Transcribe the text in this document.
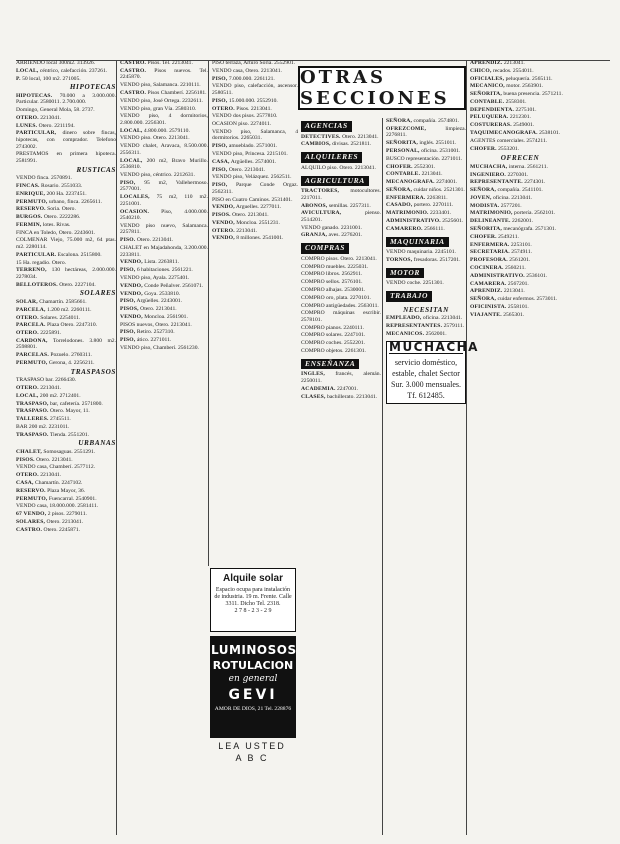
ARRIENDO local 300m2. 313926.

LOCAL, céntrico, calefacción. 237261.

P. 50 local, 100 m2. 271005.

HIPOTECAS

HIPOTECAS. 70.000 a 3.000.000. Particular. 2580011. 2.700.000.

Domingo, General Mola, 58. 2737.

OTERO. 2213041.

LUNES. Otero. 2211194.

PARTICULAR, dinero sobre fincas, hipotecas, con comprador. Telefono 2743002.

PRESTAMOS en primera hipoteca. 2581991.

RUSTICAS

VENDO finca. 2570891.

FINCAS. Rosario. 2551033.

ENRIQUE, 200 Ha. 2237451.

PERMUTO, urbano, finca. 2265611.

RESERVO. Soria. Otero.

BURGOS. Otero. 2222286.

FERMIN, lotes. Rivas.

FINCA en Toledo, Otero. 2243601.

COLMENAR Viejo, 75.000 m2, 64 ptas. m2. 2280114.

PARTICULAR. Escalona. 2515800.

15 Ha. regadio. Otero.

TERRENO, 130 hectáreas, 2.000.000. 2278034.

BELLOTEROS. Otero. 2227104.

SOLARES

SOLAR, Chamartín. 2585661.

PARCELA, 1.200 m2. 2260111.

OTERO. Solares. 2254011.

PARCELA. Plaza Otero. 2247310.

OTERO. 2225891.

CARDONA, Torrelodones. 3.800 m2. 2598801.

PARCELAS. Pozuelo. 2760311.

PERMUTO, Gerona, 4. 2256211.

TRASPASOS

TRASPASO bar. 2266430.

OTERO. 2213041.

LOCAL, 200 m2. 2712401.

TRASPASO, bar, cafetería. 2571800.

TRASPASO. Otero. Mayor, 11.

TALLERES. 2745511.

BAR 200 m2. 2231011.

TRASPASO. Tienda. 2551201.

URBANAS

CHALET, Somosaguas. 2551291.

PISOS. Otero. 2213041.

VENDO casa, Chamberí. 2577112.

OTERO. 2213041.

CASA, Chamartín. 2247102.

RESERVO. Plaza Mayor, 36.

PERMUTO, Fuencarral. 2540901.

VENDO casa, 18.000.000. 2581411.

67 VENDO, 2 pisos. 2279011.

SOLARES, Otero. 2213041.

CASTRO. Otero. 2245871.

CASTRO. Pisos. Tel. 2213041.

CASTRO. Pisos nuevos. Tel. 2245870.

VENDO piso, Salamanca. 2210111.

CASTRO. Pisos Chamberí. 2256181.

VENDO piso, José Ortega. 2232611.

VENDO piso, gran Vía. 2580310.

VENDO piso, 4 dormitorios, 2.800.000. 2256301.

LOCAL, 4.800.000. 2579110.

VENDO piso. Otero. 2213041.

VENDO chalet, Aravaca, 8.500.000. 2556311.

LOCAL, 200 m2, Bravo Murillo. 2536810.

VENDO piso, céntrico. 2212631.

PISO, 95 m2, Vallehermoso. 2577001.

LOCALES, 75 m2, 110 m2. 2251001.

OCASION. Piso, 4.000.000. 2540210.

VENDO piso nuevo, Salamanca. 2257811.

PISO. Otero. 2213041.

CHALET en Majadahonda, 3.200.000. 2233811.

VENDO, Lista. 2263811.

PISO, 6 habitaciones. 2561221.

VENDO piso, Ayala. 2275401.

VENDO, Conde Peñalver. 2561071.

VENDO, Goya. 2533810.

PISO, Argüelles. 2243001.

PISOS, Otero. 2213041.

VENDO, Moncloa. 2561901.

PISOS nuevos, Otero. 2213041.

PISO, Retiro. 2527310.

PISO, ático. 2271011.

VENDO piso, Chamberí. 2561230.

PISO terraza, Arturo Soria. 2552901.

VENDO casa, Otero. 2213041.

PISO, 7.000.000. 2261121.

VENDO piso, calefacción, ascensor. 2580511.

PISO, 15.000.000. 2552910.

OTERO. Pisos. 2213041.

VENDO dos pisos. 2577810.

OCASION piso. 2274011.

VENDO piso, Salamanca, 4 dormitorios. 2265031.

PISO, amueblado. 2571001.

VENDO piso, Princesa. 2215101.

CASA, Argüelles. 2574001.

PISO, Otero. 2213041.

VENDO piso, Velázquez. 2562511.

PISO, Parque Conde Orgaz. 2562311.

PISO en Cuatro Caminos. 2531401.

VENDO, Arguelles. 2277011.

PISOS. Otero. 2213041.

VENDO, Moncloa. 2551231.

OTERO. 2213041.

VENDO, 8 millones. 2541001.

Alquile solar
Espacio ocupa para instalación de industria. 19 m. Frente. Calle 3311. Dicho Tel. 2318.
2 7 8 - 2 3 - 2 9
LUMINOSOS
ROTULACION
en general
GEVI
AMOR DE DIOS, 21 Tel. 228876
LEA USTED
A B C
OTRAS SECCIONES
AGENCIAS

DETECTIVES. Otero. 2213041.

CAMBIOS, divisas. 2521811.

ALQUILERES

ALQUILO piso. Otero. 2213041.

AGRICULTURA

TRACTORES, motocultores. 2217011.

ABONOS, semillas. 2257311.

AVICULTURA, pienso. 2514201.

VENDO ganado. 2231001.

GRANJA, aves. 2276201.

COMPRAS

COMPRO pisos. Otero. 2213041.

COMPRO muebles. 2225031.

COMPRO libros. 2562911.

COMPRO sellos. 2576101.

COMPRO alhajas. 2530001.

COMPRO oro, plata. 2270101.

COMPRO antigüedades. 2563011.

COMPRO máquinas escribir. 2578101.

COMPRO pianos. 2240111.

COMPRO solares. 2247101.

COMPRO coches. 2552201.

COMPRO objetos. 2261301.

ENSEÑANZA

INGLES, francés, alemán. 2250011.

ACADEMIA. 2247001.

CLASES, bachillerato. 2213041.

SEÑORA, compañía. 2574801.

OFREZCOME, limpieza. 2276811.

SEÑORITA, inglés. 2551011.

PERSONAL, oficina. 2531001.

BUSCO representación. 2271011.

CHOFER. 2552301.

CONTABLE. 2213041.

MECANOGRAFA. 2274001.

SEÑORA, cuidar niños. 2521301.

ENFERMERA. 2263811.

CASADO, portero. 2270111.

MATRIMONIO. 2233401.

ADMINISTRATIVO. 2525601.

CAMARERO. 2566111.

MAQUINARIA

VENDO maquinaria. 2245101.

TORNOS, fresadoras. 2517201.

MOTOR

VENDO coche. 2251301.

TRABAJO
NECESITAN

EMPLEADO, oficina. 2213041.

REPRESENTANTES. 2579111.

MECANICOS. 2562001.

MUCHACHA
servicio doméstico, estable, chalet Sector Sur. 3.000 mensuales. Tf. 612485.

APRENDIZ. 2213041.

CHICO, recados. 2554011.

OFICIALES, peluquería. 2565111.

MECANICO, motor. 2563901.

SEÑORITA, buena presencia. 2571211.

CONTABLE. 2558301.

DEPENDIENTA. 2275101.

PELUQUERA. 2212301.

COSTURERAS. 2549001.

TAQUIMECANOGRAFA. 2538101.

AGENTES comerciales. 2574211.

CHOFER. 2553201.

OFRECEN

MUCHACHA, interna. 2561211.

INGENIERO. 2270301.

REPRESENTANTE. 2274301.

SEÑORA, compañía. 2541101.

JOVEN, oficina. 2213041.

MODISTA. 2577201.

MATRIMONIO, portería. 2562101.

DELINEANTE. 2262001.

SEÑORITA, mecanógrafa. 2571301.

CHOFER. 2549211.

ENFERMERA. 2253101.

SECRETARIA. 2574911.

PROFESORA. 2561201.

COCINERA. 2560211.

ADMINISTRATIVO. 2536101.

CAMARERA. 2567201.

APRENDIZ. 2213041.

SEÑORA, cuidar enfermos. 2573011.

OFICINISTA. 2558101.

VIAJANTE. 2565301.
